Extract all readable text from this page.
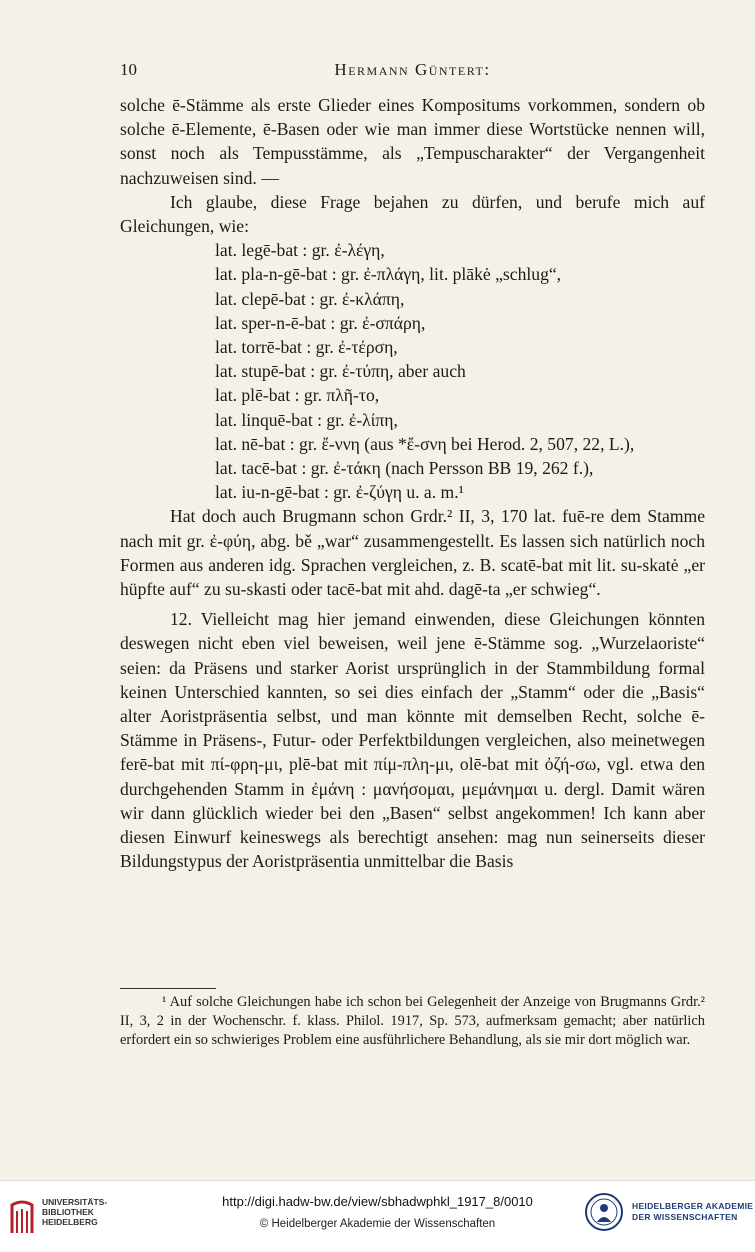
10	Hermann Güntert:

solche ē-Stämme als erste Glieder eines Kompositums vorkommen, sondern ob solche ē-Elemente, ē-Basen oder wie man immer diese Wortstücke nennen will, sonst noch als Tempusstämme, als „Tempuscharakter“ der Vergangenheit nachzuweisen sind. —

Ich glaube, diese Frage bejahen zu dürfen, und berufe mich auf Gleichungen, wie:

lat. legē-bat : gr. ἐ-λέγη,
lat. pla-n-gē-bat : gr. ἐ-πλάγη, lit. plākė „schlug“,
lat. clepē-bat : gr. ἐ-κλάπη,
lat. sper-n-ē-bat : gr. ἐ-σπάρη,
lat. torrē-bat : gr. ἐ-τέρση,
lat. stupē-bat : gr. ἐ-τύπη, aber auch
lat. plē-bat : gr. πλῆ-το,
lat. linquē-bat : gr. ἐ-λίπη,
lat. nē-bat : gr. ἔ-ννη (aus *ἔ-σνη bei Herod. 2, 507, 22, L.),
lat. tacē-bat : gr. ἐ-τάκη (nach Persson BB 19, 262 f.),
lat. iu-n-gē-bat : gr. ἐ-ζύγη u. a. m.¹

Hat doch auch Brugmann schon Grdr.² II, 3, 170 lat. fuē-re dem Stamme nach mit gr. ἐ-φύη, abg. bě „war“ zusammengestellt. Es lassen sich natürlich noch Formen aus anderen idg. Sprachen vergleichen, z. B. scatē-bat mit lit. su-skatė „er hüpfte auf“ zu su-skasti oder tacē-bat mit ahd. dagē-ta „er schwieg“.

12. Vielleicht mag hier jemand einwenden, diese Gleichungen könnten deswegen nicht eben viel beweisen, weil jene ē-Stämme sog. „Wurzelaoriste“ seien: da Präsens und starker Aorist ursprünglich in der Stammbildung formal keinen Unterschied kannten, so sei dies einfach der „Stamm“ oder die „Basis“ alter Aoristpräsentia selbst, und man könnte mit demselben Recht, solche ē-Stämme in Präsens-, Futur- oder Perfektbildungen vergleichen, also meinetwegen ferē-bat mit πί-φρη-μι, plē-bat mit πίμ-πλη-μι, olē-bat mit ὀζή-σω, vgl. etwa den durchgehenden Stamm in ἐμάνη : μανήσομαι, μεμάνημαι u. dergl. Damit wären wir dann glücklich wieder bei den „Basen“ selbst angekommen! Ich kann aber diesen Einwurf keineswegs als berechtigt ansehen: mag nun seinerseits dieser Bildungstypus der Aoristpräsentia unmittelbar die Basis

¹ Auf solche Gleichungen habe ich schon bei Gelegenheit der Anzeige von Brugmanns Grdr.² II, 3, 2 in der Wochenschr. f. klass. Philol. 1917, Sp. 573, aufmerksam gemacht; aber natürlich erfordert ein so schwieriges Problem eine ausführlichere Behandlung, als sie mir dort möglich war.

UNIVERSITÄTS-
BIBLIOTHEK
HEIDELBERG
http://digi.hadw-bw.de/view/sbhadwphkl_1917_8/0010
© Heidelberger Akademie der Wissenschaften
HEIDELBERGER AKADEMIE
DER WISSENSCHAFTEN
